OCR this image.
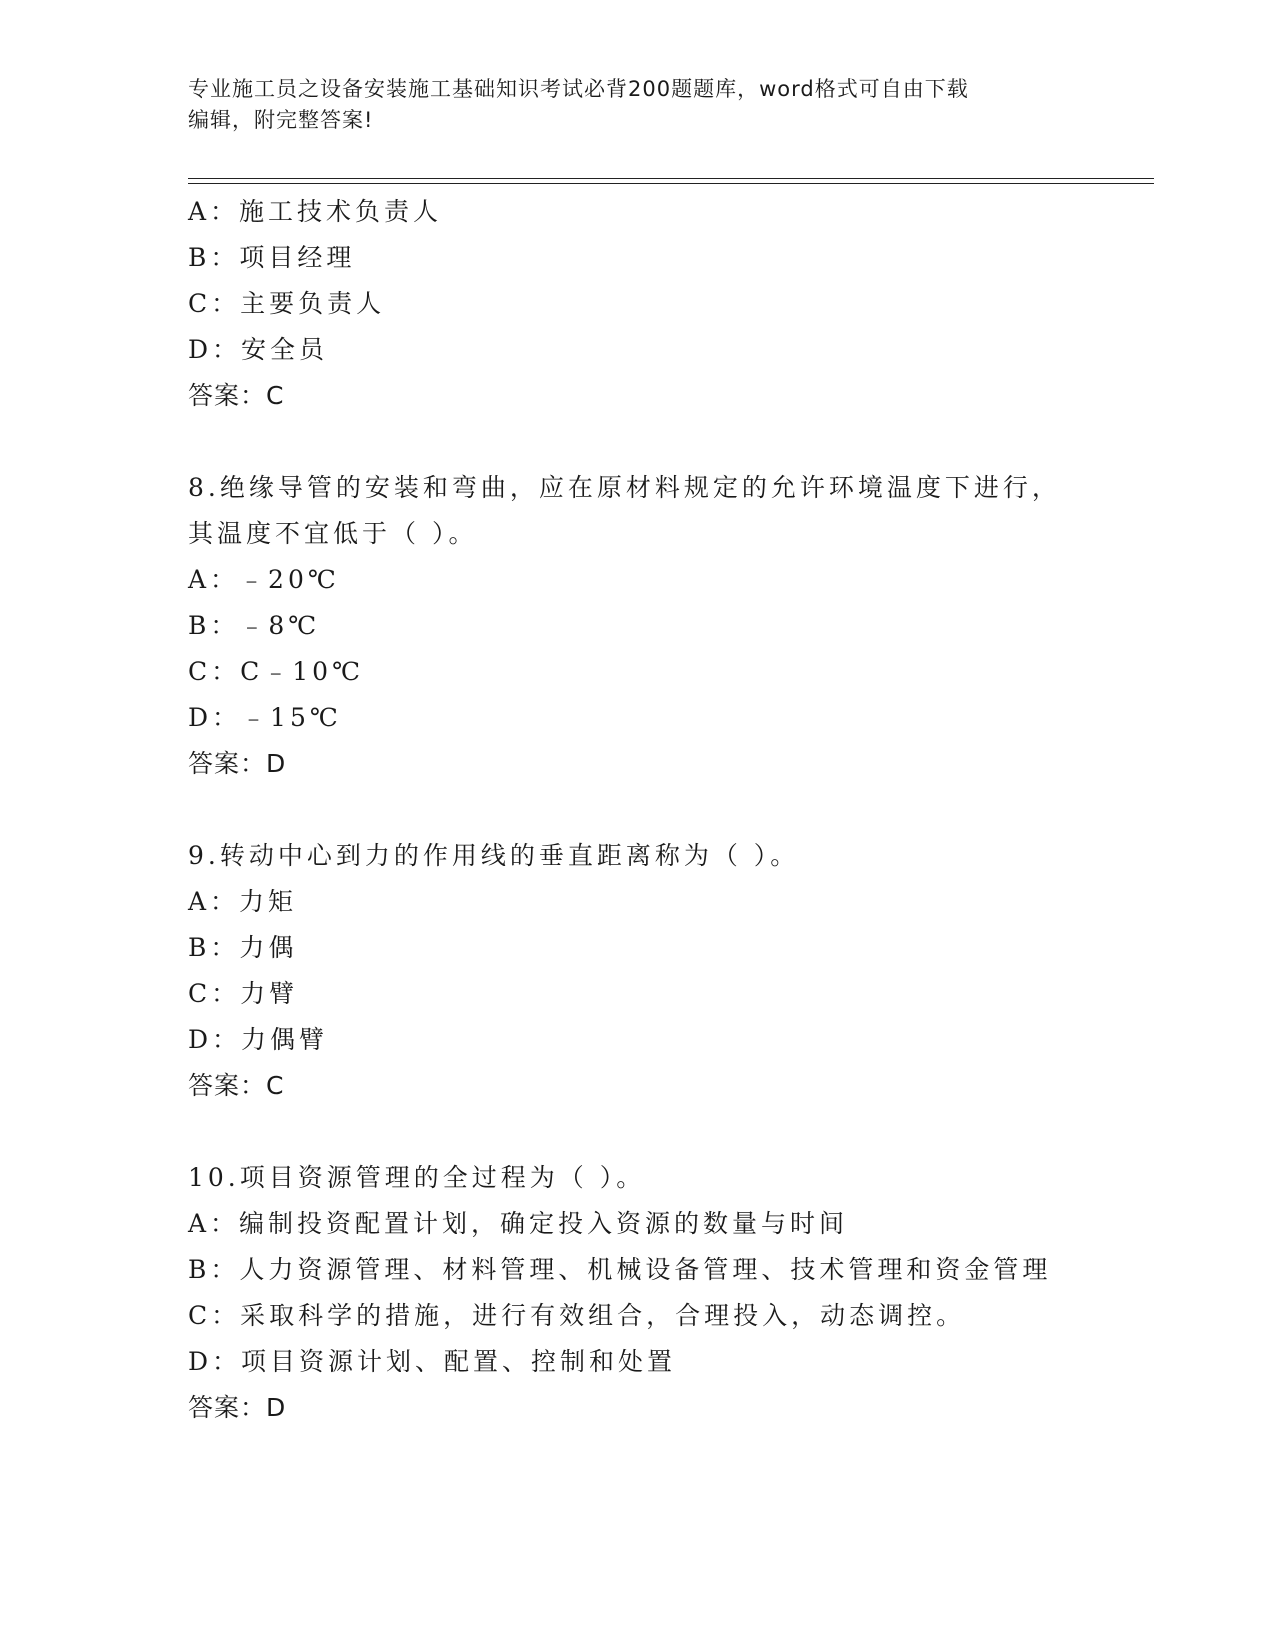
专业施工员之设备安装施工基础知识考试必背200题题库，word格式可自由下载
编辑，附完整答案!
A：施工技术负责人
B：项目经理
C：主要负责人
D：安全员
答案：C
8.绝缘导管的安装和弯曲，应在原材料规定的允许环境温度下进行，
其温度不宜低于（ ）。
A：﹣20℃
B：﹣8℃
C：C﹣10℃
D：﹣15℃
答案：D
9.转动中心到力的作用线的垂直距离称为（ ）。
A：力矩
B：力偶
C：力臂
D：力偶臂
答案：C
10.项目资源管理的全过程为（ ）。
A：编制投资配置计划，确定投入资源的数量与时间
B：人力资源管理、材料管理、机械设备管理、技术管理和资金管理
C：采取科学的措施，进行有效组合，合理投入，动态调控。
D：项目资源计划、配置、控制和处置
答案：D
